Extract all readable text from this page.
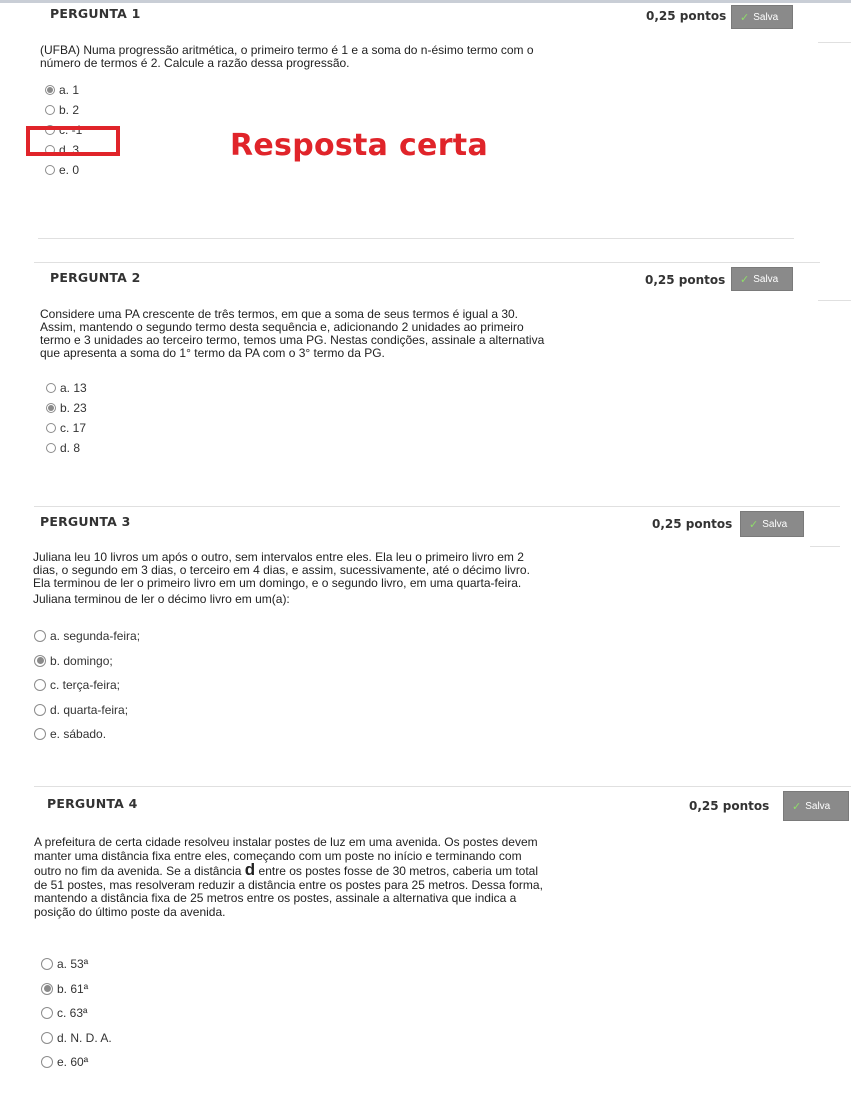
PERGUNTA 1	0,25 pontos ✓ Salva

(UFBA) Numa progressão aritmética, o primeiro termo é 1 e a soma do n-ésimo termo com o

número de termos é 2. Calcule a razão dessa progressão.

a. 1
b. 2
c. -1
d. 3
e. 0
Resposta certa
PERGUNTA 2	0,25 pontos ✓ Salva

Considere uma PA crescente de três termos, em que a soma de seus termos é igual a 30.

Assim, mantendo o segundo termo desta sequência e, adicionando 2 unidades ao primeiro

termo e 3 unidades ao terceiro termo, temos uma PG. Nestas condições, assinale a alternativa

que apresenta a soma do 1° termo da PA com o 3° termo da PG.

a. 13
b. 23
c. 17
d. 8
PERGUNTA 3	0,25 pontos ✓ Salva

Juliana leu 10 livros um após o outro, sem intervalos entre eles. Ela leu o primeiro livro em 2

dias, o segundo em 3 dias, o terceiro em 4 dias, e assim, sucessivamente, até o décimo livro.

Ela terminou de ler o primeiro livro em um domingo, e o segundo livro, em uma quarta-feira.

Juliana terminou de ler o décimo livro em um(a):

a. segunda-feira;
b. domingo;
c. terça-feira;
d. quarta-feira;
e. sábado.
PERGUNTA 4	0,25 pontos ✓ Salva

A prefeitura de certa cidade resolveu instalar postes de luz em uma avenida. Os postes devem

manter uma distância fixa entre eles, começando com um poste no início e terminando com

outro no fim da avenida. Se a distância d entre os postes fosse de 30 metros, caberia um total

de 51 postes, mas resolveram reduzir a distância entre os postes para 25 metros. Dessa forma,

mantendo a distância fixa de 25 metros entre os postes, assinale a alternativa que indica a

posição do último poste da avenida.

a. 53ª
b. 61ª
c. 63ª
d. N. D. A.
e. 60ª
